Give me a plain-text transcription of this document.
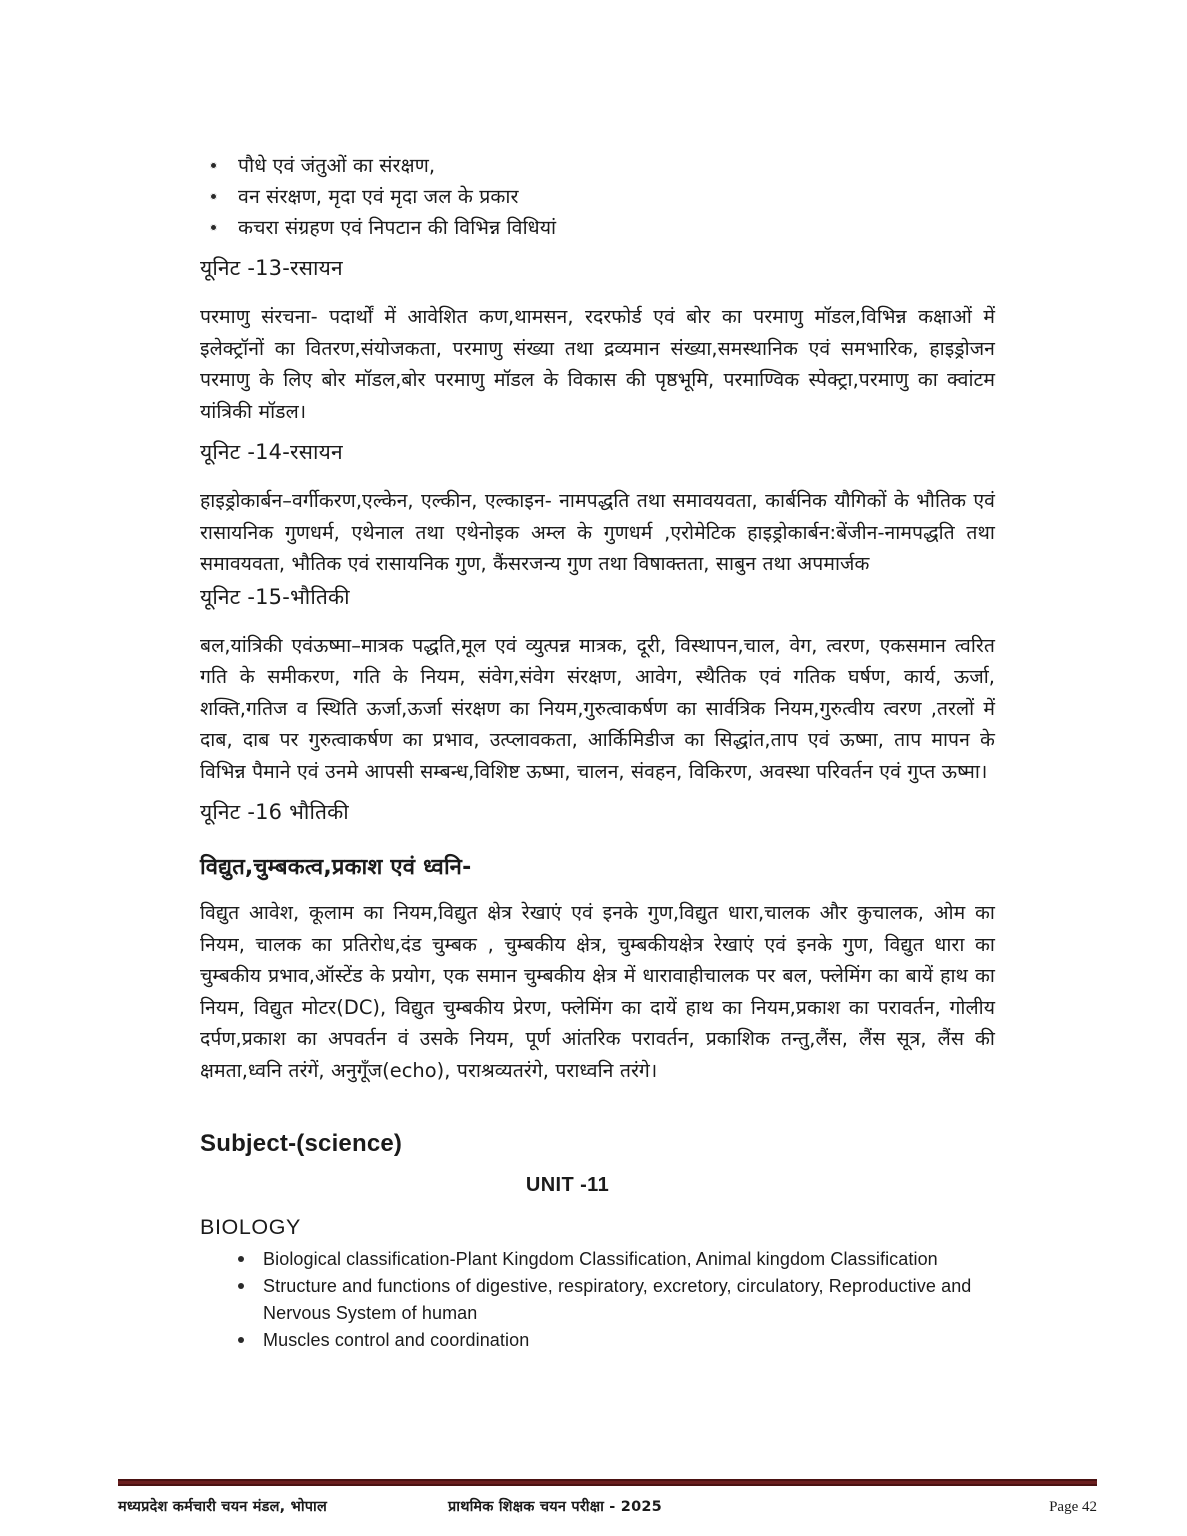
पौधे एवं जंतुओं का संरक्षण,
वन संरक्षण, मृदा एवं मृदा जल के प्रकार
कचरा संग्रहण एवं निपटान की विभिन्न विधियां
यूनिट -13-रसायन

परमाणु संरचना- पदार्थों में आवेशित कण,थामसन, रदरफोर्ड एवं बोर का परमाणु मॉडल,विभिन्न कक्षाओं में इलेक्ट्रॉनों का वितरण,संयोजकता, परमाणु संख्या तथा द्रव्यमान संख्या,समस्थानिक एवं समभारिक, हाइड्रोजन परमाणु के लिए बोर मॉडल,बोर परमाणु मॉडल के विकास की पृष्ठभूमि, परमाण्विक स्पेक्ट्रा,परमाणु का क्वांटम यांत्रिकी मॉडल।

यूनिट -14-रसायन

हाइड्रोकार्बन–वर्गीकरण,एल्केन, एल्कीन, एल्काइन- नामपद्धति तथा समावयवता, कार्बनिक यौगिकों के भौतिक एवं रासायनिक गुणधर्म, एथेनाल तथा एथेनोइक अम्ल के गुणधर्म ,एरोमेटिक हाइड्रोकार्बन:बेंजीन-नामपद्धति तथा समावयवता, भौतिक एवं रासायनिक गुण, कैंसरजन्य गुण तथा विषाक्तता, साबुन तथा अपमार्जक

यूनिट -15-भौतिकी

बल,यांत्रिकी एवंऊष्मा–मात्रक पद्धति,मूल एवं व्युत्पन्न मात्रक, दूरी, विस्थापन,चाल, वेग, त्वरण, एकसमान त्वरित गति के समीकरण, गति के नियम, संवेग,संवेग संरक्षण, आवेग, स्थैतिक एवं गतिक घर्षण, कार्य, ऊर्जा, शक्ति,गतिज व स्थिति ऊर्जा,ऊर्जा संरक्षण का नियम,गुरुत्वाकर्षण का सार्वत्रिक नियम,गुरुत्वीय त्वरण ,तरलों में दाब, दाब पर गुरुत्वाकर्षण का प्रभाव, उत्प्लावकता, आर्किमिडीज का सिद्धांत,ताप एवं ऊष्मा, ताप मापन के विभिन्न पैमाने एवं उनमे आपसी सम्बन्ध,विशिष्ट ऊष्मा, चालन, संवहन, विकिरण, अवस्था परिवर्तन एवं गुप्त ऊष्मा।

यूनिट -16 भौतिकी
विद्युत,चुम्बकत्व,प्रकाश एवं ध्वनि-

विद्युत आवेश, कूलाम का नियम,विद्युत क्षेत्र रेखाएं एवं इनके गुण,विद्युत धारा,चालक और कुचालक, ओम का नियम, चालक का प्रतिरोध,दंड चुम्बक , चुम्बकीय क्षेत्र, चुम्बकीयक्षेत्र रेखाएं एवं इनके गुण, विद्युत धारा का चुम्बकीय प्रभाव,ऑस्टेंड के प्रयोग, एक समान चुम्बकीय क्षेत्र में धारावाहीचालक पर बल, फ्लेमिंग का बायें हाथ का नियम, विद्युत मोटर(DC), विद्युत चुम्बकीय प्रेरण, फ्लेमिंग का दायें हाथ का नियम,प्रकाश का परावर्तन, गोलीय दर्पण,प्रकाश का अपवर्तन वं उसके नियम, पूर्ण आंतरिक परावर्तन, प्रकाशिक तन्तु,लैंस, लैंस सूत्र, लैंस की क्षमता,ध्वनि तरंगें, अनुगूँज(echo), पराश्रव्यतरंगे, पराध्वनि तरंगे।

Subject-(science)
UNIT -11
BIOLOGY
Biological classification-Plant Kingdom Classification, Animal kingdom Classification
Structure and functions of digestive, respiratory, excretory, circulatory, Reproductive and Nervous System of human
Muscles control and coordination
मध्यप्रदेश कर्मचारी चयन मंडल, भोपाल	प्राथमिक शिक्षक चयन परीक्षा - 2025	Page 42
